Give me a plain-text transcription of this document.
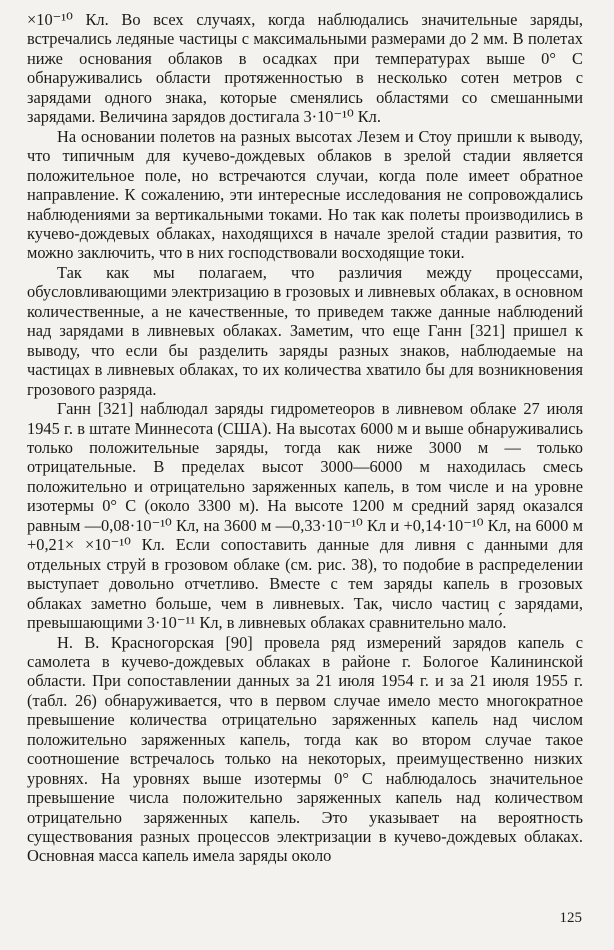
×10⁻¹⁰ Кл. Во всех случаях, когда наблюдались значительные заряды, встречались ледяные частицы с максимальными размерами до 2 мм. В полетах ниже основания облаков в осадках при температурах выше 0° С обнаруживались области протяженностью в несколько сотен метров с зарядами одного знака, которые сменялись областями со смешанными зарядами. Величина зарядов достигала 3·10⁻¹⁰ Кл.

На основании полетов на разных высотах Лезем и Стоу пришли к выводу, что типичным для кучево-дождевых облаков в зрелой стадии является положительное поле, но встречаются случаи, когда поле имеет обратное направление. К сожалению, эти интересные исследования не сопровождались наблюдениями за вертикальными токами. Но так как полеты производились в кучево-дождевых облаках, находящихся в начале зрелой стадии развития, то можно заключить, что в них господствовали восходящие токи.

Так как мы полагаем, что различия между процессами, обусловливающими электризацию в грозовых и ливневых облаках, в основном количественные, а не качественные, то приведем также данные наблюдений над зарядами в ливневых облаках. Заметим, что еще Ганн [321] пришел к выводу, что если бы разделить заряды разных знаков, наблюдаемые на частицах в ливневых облаках, то их количества хватило бы для возникновения грозового разряда.

Ганн [321] наблюдал заряды гидрометеоров в ливневом облаке 27 июля 1945 г. в штате Миннесота (США). На высотах 6000 м и выше обнаруживались только положительные заряды, тогда как ниже 3000 м — только отрицательные. В пределах высот 3000—6000 м находилась смесь положительно и отрицательно заряженных капель, в том числе и на уровне изотермы 0° С (около 3300 м). На высоте 1200 м средний заряд оказался равным —0,08·10⁻¹⁰ Кл, на 3600 м —0,33·10⁻¹⁰ Кл и +0,14·10⁻¹⁰ Кл, на 6000 м +0,21× ×10⁻¹⁰ Кл. Если сопоставить данные для ливня с данными для отдельных струй в грозовом облаке (см. рис. 38), то подобие в распределении выступает довольно отчетливо. Вместе с тем заряды капель в грозовых облаках заметно больше, чем в ливневых. Так, число частиц с зарядами, превышающими 3·10⁻¹¹ Кл, в ливневых облаках сравнительно мало́.

Н. В. Красногорская [90] провела ряд измерений зарядов капель с самолета в кучево-дождевых облаках в районе г. Бологое Калининской области. При сопоставлении данных за 21 июля 1954 г. и за 21 июля 1955 г. (табл. 26) обнаруживается, что в первом случае имело место многократное превышение количества отрицательно заряженных капель над числом положительно заряженных капель, тогда как во втором случае такое соотношение встречалось только на некоторых, преимущественно низких уровнях. На уровнях выше изотермы 0° С наблюдалось значительное превышение числа положительно заряженных капель над количеством отрицательно заряженных капель. Это указывает на вероятность существования разных процессов электризации в кучево-дождевых облаках. Основная масса капель имела заряды около

125
